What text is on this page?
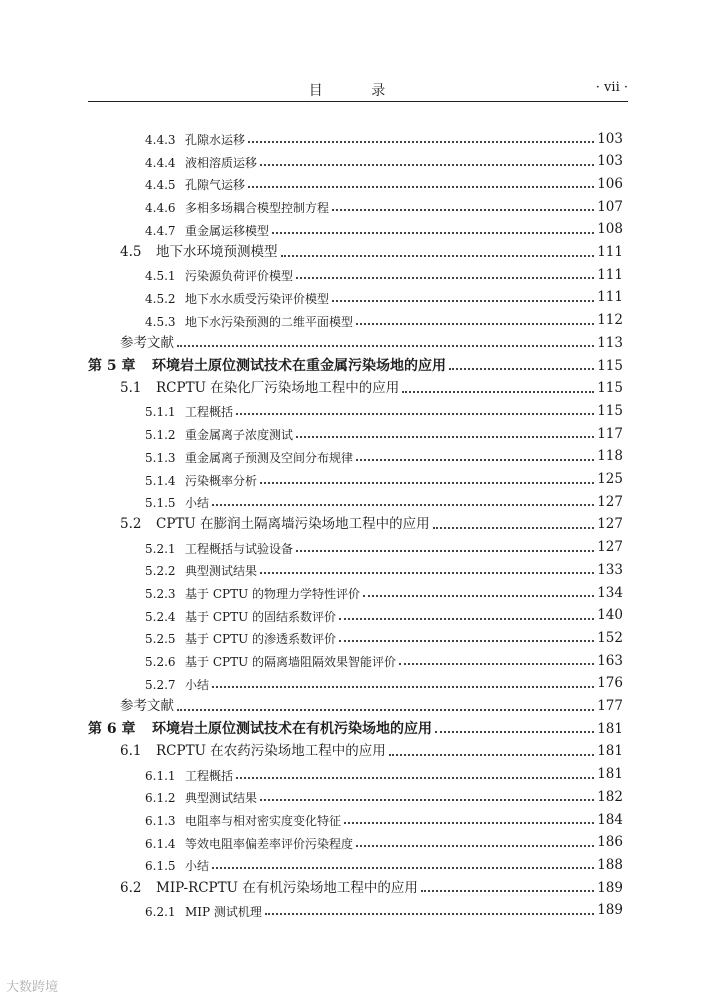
目 录	· vii ·
4.4.3 孔隙水运移	103
4.4.4 液相溶质运移	103
4.4.5 孔隙气运移	106
4.4.6 多相多场耦合模型控制方程	107
4.4.7 重金属运移模型	108
4.5	地下水环境预测模型	111
4.5.1 污染源负荷评价模型	111
4.5.2 地下水水质受污染评价模型	111
4.5.3 地下水污染预测的二维平面模型	112
参考文献	113
第 5 章	环境岩土原位测试技术在重金属污染场地的应用	115
5.1	RCPTU 在染化厂污染场地工程中的应用	115
5.1.1 工程概括	115
5.1.2 重金属离子浓度测试	117
5.1.3 重金属离子预测及空间分布规律	118
5.1.4 污染概率分析	125
5.1.5 小结	127
5.2	CPTU 在膨润土隔离墙污染场地工程中的应用	127
5.2.1 工程概括与试验设备	127
5.2.2 典型测试结果	133
5.2.3 基于 CPTU 的物理力学特性评价	134
5.2.4 基于 CPTU 的固结系数评价	140
5.2.5 基于 CPTU 的渗透系数评价	152
5.2.6 基于 CPTU 的隔离墙阻隔效果智能评价	163
5.2.7 小结	176
参考文献	177
第 6 章	环境岩土原位测试技术在有机污染场地的应用	181
6.1	RCPTU 在农药污染场地工程中的应用	181
6.1.1 工程概括	181
6.1.2 典型测试结果	182
6.1.3 电阻率与相对密实度变化特征	184
6.1.4 等效电阻率偏差率评价污染程度	186
6.1.5 小结	188
6.2	MIP-RCPTU 在有机污染场地工程中的应用	189
6.2.1 MIP 测试机理	189
大数跨境
